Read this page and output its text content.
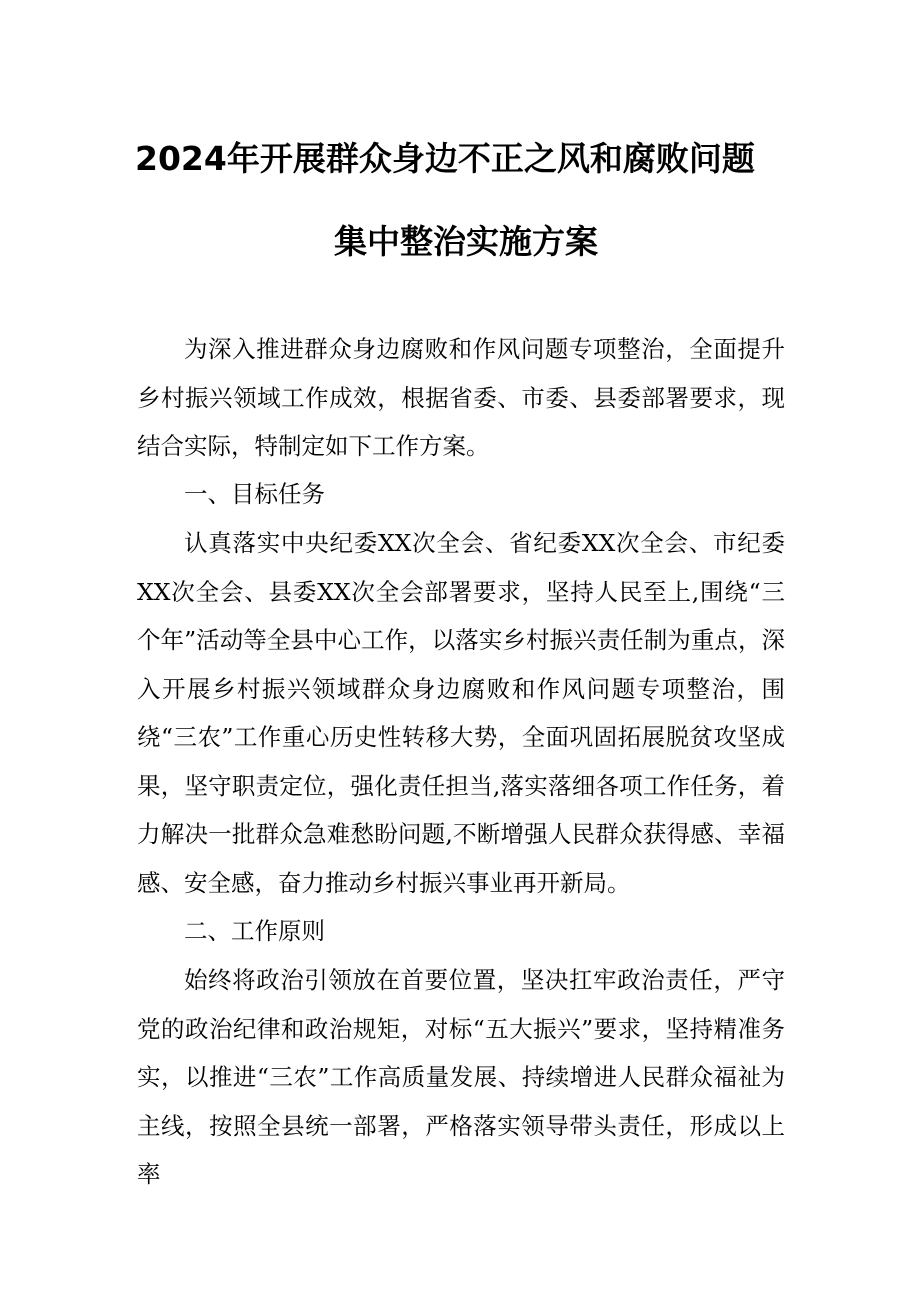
2024年开展群众身边不正之风和腐败问题
集中整治实施方案

为深入推进群众身边腐败和作风问题专项整治，全面提升乡村振兴领域工作成效，根据省委、市委、县委部署要求，现结合实际，特制定如下工作方案。

一、目标任务

认真落实中央纪委XX次全会、省纪委XX次全会、市纪委XX次全会、县委XX次全会部署要求，坚持人民至上,围绕“三个年”活动等全县中心工作，以落实乡村振兴责任制为重点，深入开展乡村振兴领域群众身边腐败和作风问题专项整治，围绕“三农”工作重心历史性转移大势，全面巩固拓展脱贫攻坚成果，坚守职责定位，强化责任担当,落实落细各项工作任务，着力解决一批群众急难愁盼问题,不断增强人民群众获得感、幸福感、安全感，奋力推动乡村振兴事业再开新局。

二、工作原则

始终将政治引领放在首要位置，坚决扛牢政治责任，严守党的政治纪律和政治规矩，对标“五大振兴”要求，坚持精准务实，以推进“三农”工作高质量发展、持续增进人民群众福祉为主线，按照全县统一部署，严格落实领导带头责任，形成以上率
